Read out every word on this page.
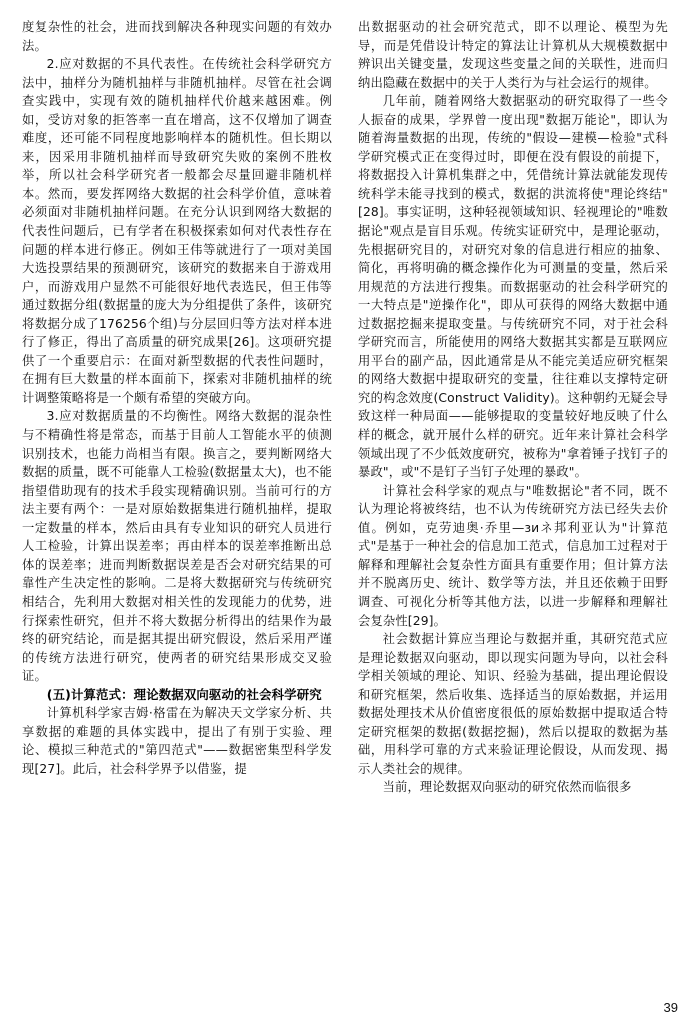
度复杂性的社会，进而找到解决各种现实问题的有效办法。

2.应对数据的不具代表性。在传统社会科学研究方法中，抽样分为随机抽样与非随机抽样。尽管在社会调查实践中，实现有效的随机抽样代价越来越困难。例如，受访对象的拒答率一直在增高，这不仅增加了调查难度，还可能不同程度地影响样本的随机性。但长期以来，因采用非随机抽样而导致研究失败的案例不胜枚举，所以社会科学研究者一般都会尽量回避非随机样本。然而，要发挥网络大数据的社会科学价值，意味着必须面对非随机抽样问题。在充分认识到网络大数据的代表性问题后，已有学者在积极探索如何对代表性存在问题的样本进行修正。例如王伟等就进行了一项对美国大选投票结果的预测研究，该研究的数据来自于游戏用户，而游戏用户显然不可能很好地代表选民，但王伟等通过数据分组(数据量的庞大为分组提供了条件，该研究将数据分成了176256个组)与分层回归等方法对样本进行了修正，得出了高质量的研究成果[26]。这项研究提供了一个重要启示：在面对新型数据的代表性问题时，在拥有巨大数量的样本面前下，探索对非随机抽样的统计调整策略将是一个颇有希望的突破方向。

3.应对数据质量的不均衡性。网络大数据的混杂性与不精确性将是常态，而基于目前人工智能水平的侦测识别技术，也能力尚相当有限。换言之，要判断网络大数据的质量，既不可能靠人工检验(数据量太大)，也不能指望借助现有的技术手段实现精确识别。当前可行的方法主要有两个：一是对原始数据集进行随机抽样，提取一定数量的样本，然后由具有专业知识的研究人员进行人工检验，计算出误差率；再由样本的误差率推断出总体的误差率；进而判断数据误差是否会对研究结果的可靠性产生决定性的影响。二是将大数据研究与传统研究相结合，先利用大数据对相关性的发现能力的优势，进行探索性研究，但并不将大数据分析得出的结果作为最终的研究结论，而是据其提出研究假设，然后采用严谨的传统方法进行研究，使两者的研究结果形成交叉验证。

(五)计算范式：理论数据双向驱动的社会科学研究

计算机科学家吉姆·格雷在为解决天文学家分析、共享数据的难题的具体实践中，提出了有别于实验、理论、模拟三种范式的"第四范式"——数据密集型科学发现[27]。此后，社会科学界予以借鉴，提

出数据驱动的社会研究范式，即不以理论、模型为先导，而是凭借设计特定的算法让计算机从大规模数据中辨识出关键变量，发现这些变量之间的关联性，进而归纳出隐藏在数据中的关于人类行为与社会运行的规律。

几年前，随着网络大数据驱动的研究取得了一些令人振奋的成果，学界曾一度出现"数据万能论"，即认为随着海量数据的出现，传统的"假设—建模—检验"式科学研究模式正在变得过时，即便在没有假设的前提下，将数据投入计算机集群之中，凭借统计算法就能发现传统科学未能寻找到的模式，数据的洪流将使"理论终结"[28]。事实证明，这种轻视领域知识、轻视理论的"唯数据论"观点是盲目乐观。传统实证研究中，是理论驱动，先根据研究目的，对研究对象的信息进行相应的抽象、简化，再将明确的概念操作化为可测量的变量，然后采用规范的方法进行搜集。而数据驱动的社会科学研究的一大特点是"逆操作化"，即从可获得的网络大数据中通过数据挖掘来提取变量。与传统研究不同，对于社会科学研究而言，所能使用的网络大数据其实都是互联网应用平台的副产品，因此通常是从不能完美适应研究框架的网络大数据中提取研究的变量，往往难以支撑特定研究的构念效度(Construct Validity)。这种朝约无疑会导致这样一种局面——能够提取的变量较好地反映了什么样的概念，就开展什么样的研究。近年来计算社会科学领域出现了不少低效度研究，被称为"拿着锤子找钉子的暴政"，或"不是钉子当钉子处理的暴政"。

计算社会科学家的观点与"唯数据论"者不同，既不认为理论将被终结，也不认为传统研究方法已经失去价值。例如，克劳迪奥·乔里—зиネ邦利亚认为"计算范式"是基于一种社会的信息加工范式，信息加工过程对于解释和理解社会复杂性方面具有重要作用；但计算方法并不脱离历史、统计、数学等方法，并且还依赖于田野调查、可视化分析等其他方法，以进一步解释和理解社会复杂性[29]。

社会数据计算应当理论与数据并重，其研究范式应是理论数据双向驱动，即以现实问题为导向，以社会科学相关领域的理论、知识、经验为基础，提出理论假设和研究框架，然后收集、选择适当的原始数据，并运用数据处理技术从价值密度很低的原始数据中提取适合特定研究框架的数据(数据挖掘)，然后以提取的数据为基础，用科学可靠的方式来验证理论假设，从而发现、揭示人类社会的规律。

当前，理论数据双向驱动的研究依然而临很多

39
